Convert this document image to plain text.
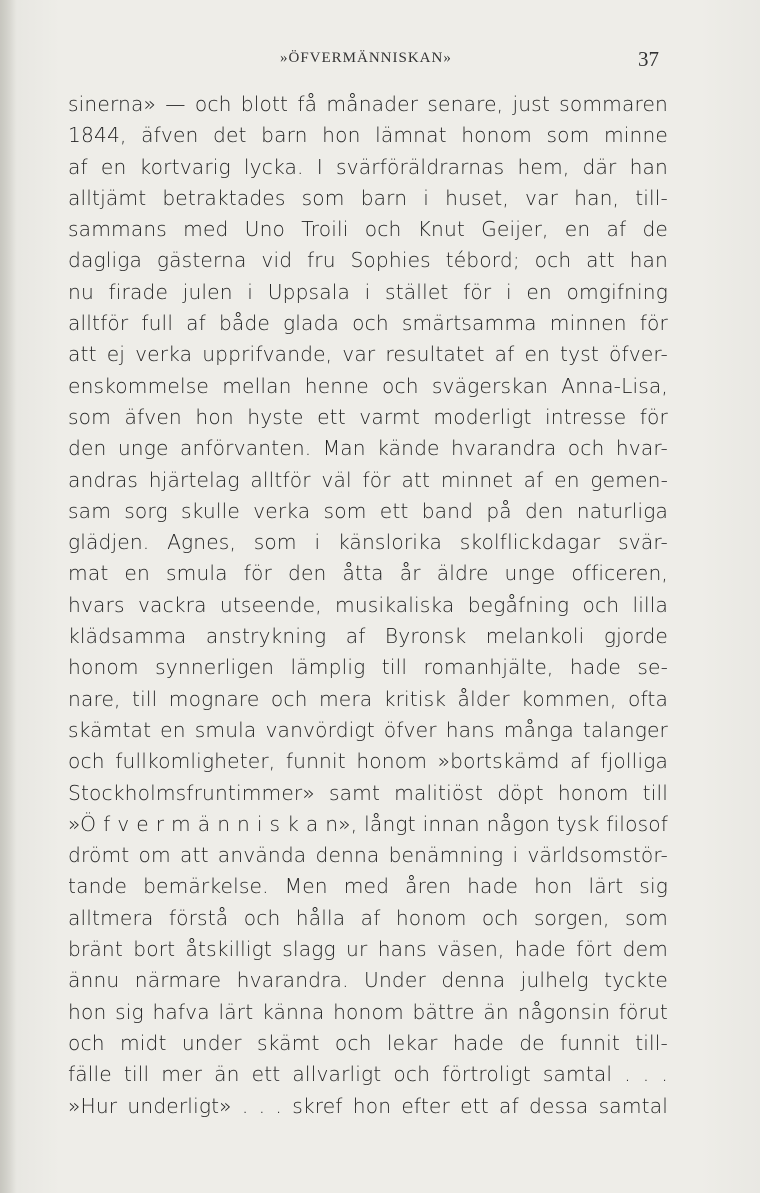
»ÖFVERMÄNNISKAN»	37
sinerna» — och blott få månader senare, just sommaren
1844, äfven det barn hon lämnat honom som minne
af en kortvarig lycka. I svärföräldrarnas hem, där han
alltjämt betraktades som barn i huset, var han, till-
sammans med Uno Troili och Knut Geijer, en af de
dagliga gästerna vid fru Sophies tébord; och att han
nu firade julen i Uppsala i stället för i en omgifning
alltför full af både glada och smärtsamma minnen för
att ej verka upprifvande, var resultatet af en tyst öfver-
enskommelse mellan henne och svägerskan Anna-Lisa,
som äfven hon hyste ett varmt moderligt intresse för
den unge anförvanten. Man kände hvarandra och hvar-
andras hjärtelag alltför väl för att minnet af en gemen-
sam sorg skulle verka som ett band på den naturliga
glädjen. Agnes, som i känslorika skolflickdagar svär-
mat en smula för den åtta år äldre unge officeren,
hvars vackra utseende, musikaliska begåfning och lilla
klädsamma anstrykning af Byronsk melankoli gjorde
honom synnerligen lämplig till romanhjälte, hade se-
nare, till mognare och mera kritisk ålder kommen, ofta
skämtat en smula vanvördigt öfver hans många talanger
och fullkomligheter, funnit honom »bortskämd af fjolliga
Stockholmsfruntimmer» samt malitiöst döpt honom till
»Ö f v e r m ä n n i s k a n», långt innan någon tysk filosof
drömt om att använda denna benämning i världsomstör-
tande bemärkelse. Men med åren hade hon lärt sig
alltmera förstå och hålla af honom och sorgen, som
bränt bort åtskilligt slagg ur hans väsen, hade fört dem
ännu närmare hvarandra. Under denna julhelg tyckte
hon sig hafva lärt känna honom bättre än någonsin förut
och midt under skämt och lekar hade de funnit till-
fälle till mer än ett allvarligt och förtroligt samtal . . .
»Hur underligt» . . . skref hon efter ett af dessa samtal
